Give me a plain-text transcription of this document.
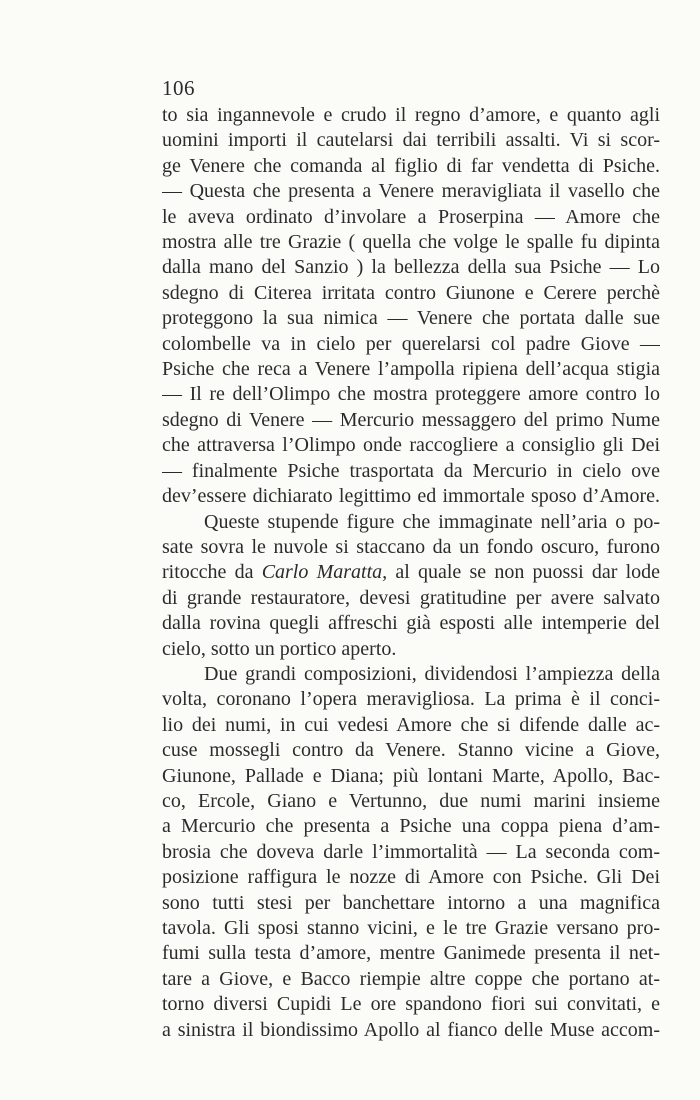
106
to sia ingannevole e crudo il regno d’amore, e quanto agli
uomini importi il cautelarsi dai terribili assalti. Vi si scor-
ge Venere che comanda al figlio di far vendetta di Psiche.
— Questa che presenta a Venere meravigliata il vasello che
le aveva ordinato d’involare a Proserpina — Amore che
mostra alle tre Grazie ( quella che volge le spalle fu dipinta
dalla mano del Sanzio ) la bellezza della sua Psiche — Lo
sdegno di Citerea irritata contro Giunone e Cerere perchè
proteggono la sua nimica — Venere che portata dalle sue
colombelle va in cielo per querelarsi col padre Giove —
Psiche che reca a Venere l’ampolla ripiena dell’acqua stigia
— Il re dell’Olimpo che mostra proteggere amore contro lo
sdegno di Venere — Mercurio messaggero del primo Nume
che attraversa l’Olimpo onde raccogliere a consiglio gli Dei
— finalmente Psiche trasportata da Mercurio in cielo ove
dev’essere dichiarato legittimo ed immortale sposo d’Amore.
Queste stupende figure che immaginate nell’aria o po-
sate sovra le nuvole si staccano da un fondo oscuro, furono
ritocche da Carlo Maratta, al quale se non puossi dar lode
di grande restauratore, devesi gratitudine per avere salvato
dalla rovina quegli affreschi già esposti alle intemperie del
cielo, sotto un portico aperto.
Due grandi composizioni, dividendosi l’ampiezza della
volta, coronano l’opera meravigliosa. La prima è il conci-
lio dei numi, in cui vedesi Amore che si difende dalle ac-
cuse mossegli contro da Venere. Stanno vicine a Giove,
Giunone, Pallade e Diana; più lontani Marte, Apollo, Bac-
co, Ercole, Giano e Vertunno, due numi marini insieme
a Mercurio che presenta a Psiche una coppa piena d’am-
brosia che doveva darle l’immortalità — La seconda com-
posizione raffigura le nozze di Amore con Psiche. Gli Dei
sono tutti stesi per banchettare intorno a una magnifica
tavola. Gli sposi stanno vicini, e le tre Grazie versano pro-
fumi sulla testa d’amore, mentre Ganimede presenta il net-
tare a Giove, e Bacco riempie altre coppe che portano at-
torno diversi Cupidi Le ore spandono fiori sui convitati, e
a sinistra il biondissimo Apollo al fianco delle Muse accom-
